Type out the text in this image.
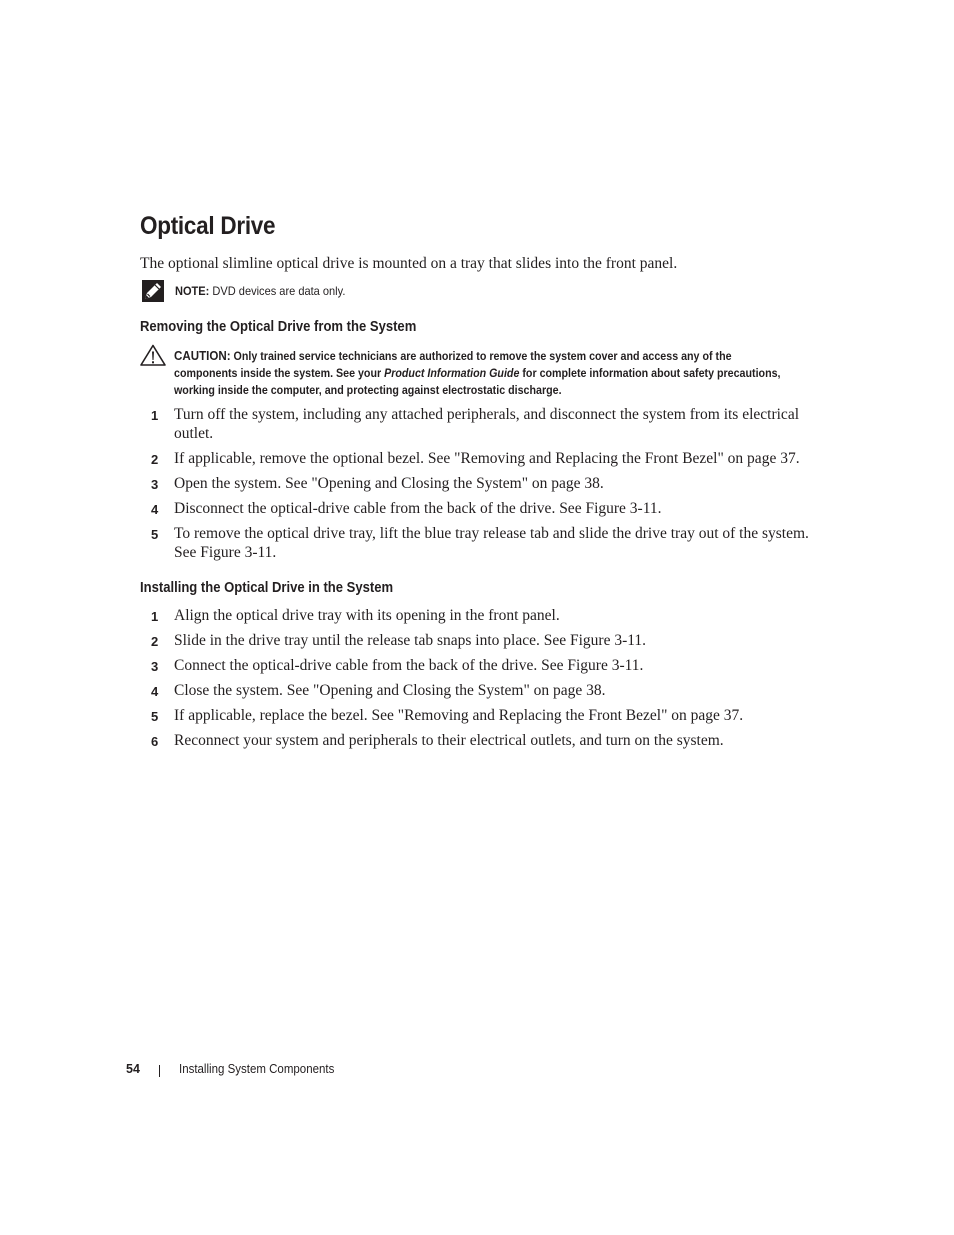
Optical Drive

The optional slimline optical drive is mounted on a tray that slides into the front panel.

NOTE: DVD devices are data only.
Removing the Optical Drive from the System
CAUTION: Only trained service technicians are authorized to remove the system cover and access any of the components inside the system. See your Product Information Guide for complete information about safety precautions, working inside the computer, and protecting against electrostatic discharge.
1 Turn off the system, including any attached peripherals, and disconnect the system from its electrical outlet.
2 If applicable, remove the optional bezel. See "Removing and Replacing the Front Bezel" on page 37.
3 Open the system. See "Opening and Closing the System" on page 38.
4 Disconnect the optical-drive cable from the back of the drive. See Figure 3-11.
5 To remove the optical drive tray, lift the blue tray release tab and slide the drive tray out of the system. See Figure 3-11.
Installing the Optical Drive in the System
1 Align the optical drive tray with its opening in the front panel.
2 Slide in the drive tray until the release tab snaps into place. See Figure 3-11.
3 Connect the optical-drive cable from the back of the drive. See Figure 3-11.
4 Close the system. See "Opening and Closing the System" on page 38.
5 If applicable, replace the bezel. See "Removing and Replacing the Front Bezel" on page 37.
6 Reconnect your system and peripherals to their electrical outlets, and turn on the system.
54	Installing System Components
